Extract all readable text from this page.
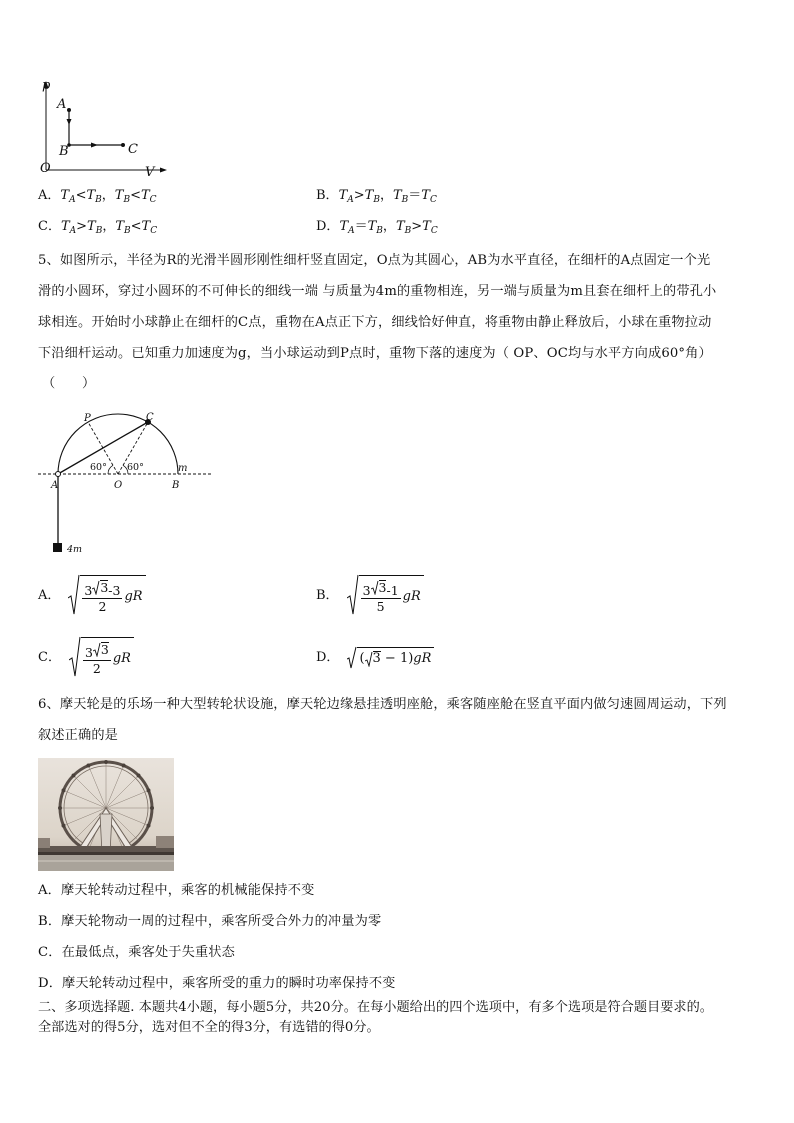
p
A
B	C
O	V
A．$T_A<T_B$，$T_B<T_C$	B．$T_A>T_B$，$T_B=T_C$
C．$T_A>T_B$，$T_B<T_C$	D．$T_A=T_B$，$T_B>T_C$
5、如图所示，半径为R的光滑半圆形刚性细杆竖直固定，O点为其圆心，AB为水平直径，在细杆的A点固定一个光
滑的小圆环，穿过小圆环的不可伸长的细线一端 与质量为4m的重物相连，另一端与质量为m且套在细杆上的带孔小
球相连。开始时小球静止在细杆的C点，重物在A点正下方，细线恰好伸直，将重物由静止释放后，小球在重物拉动
下沿细杆运动。已知重力加速度为g，当小球运动到P点时，重物下落的速度为（ OP、OC均与水平方向成60°角）
（　　）
P	C
60° 60°	m
A	O	B
4m
A． $\frac{3 3 -3}{2}$ gR	B． $\frac{3 3 -1}{5}$ gR
C． $\frac{3 3}{2}$ gR	D． ( 3 − 1) gR
6、摩天轮是的乐场一种大型转轮状设施，摩天轮边缘悬挂透明座舱，乘客随座舱在竖直平面内做匀速圆周运动，下列
叙述正确的是
A．摩天轮转动过程中，乘客的机械能保持不变
B．摩天轮物动一周的过程中，乘客所受合外力的冲量为零
C．在最低点，乘客处于失重状态
D．摩天轮转动过程中，乘客所受的重力的瞬时功率保持不变
二、多项选择题. 本题共4小题，每小题5分，共20分。在每小题给出的四个选项中，有多个选项是符合题目要求的。
全部选对的得5分，选对但不全的得3分，有选错的得0分。
